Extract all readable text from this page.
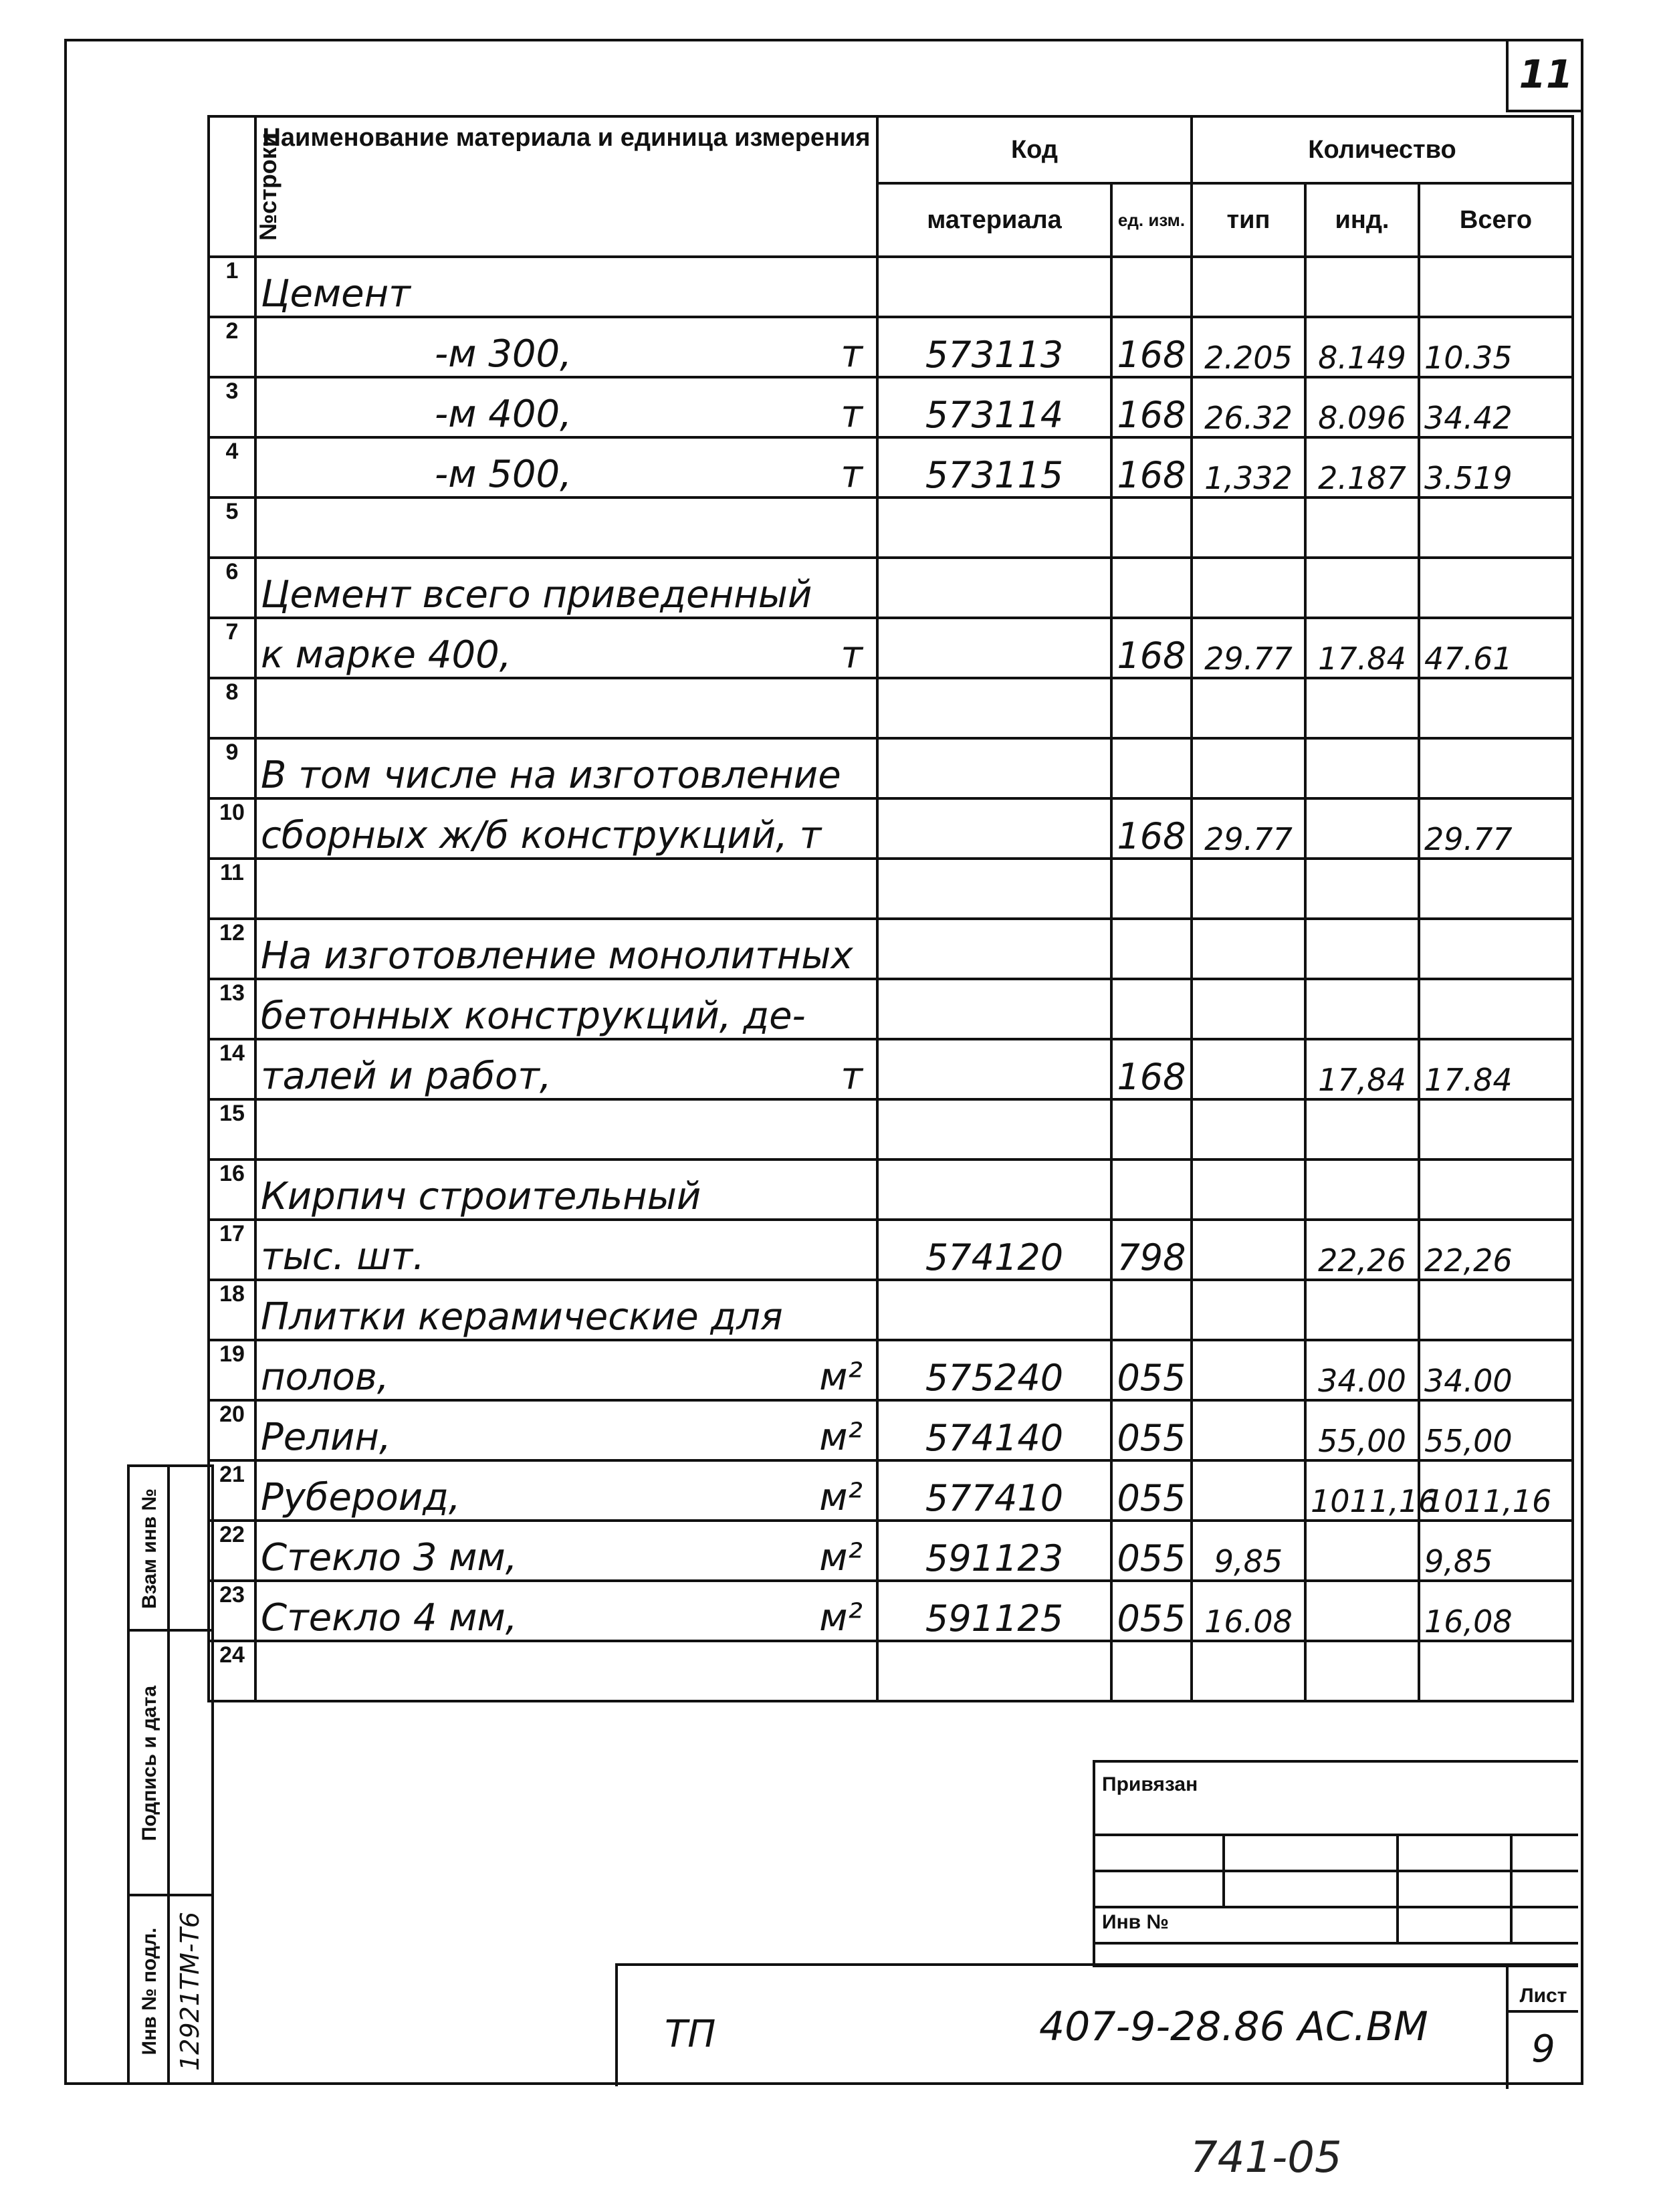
11
№строки	Наименование материала и единица измерения	Код		Количество		
		материала	ед. изм.	тип	инд.	Всего
1	Цемент

2	-м 300, т	573113	168	2.205	8.149	10.35
3	-м 400, т	573114	168	26.32	8.096	34.42
4	-м 500, т	573115	168	1,332	2.187	3.519
5	

6	Цемент всего приведенный

7	к марке 400, т		168	29.77	17.84	47.61
8	

9	В том числе на изготовление

10	сборных ж/б конструкций, т		168	29.77		29.77
11	

12	На изготовление монолитных

13	бетонных конструкций, де-

14	талей и работ, т		168		17,84	17.84
15	

16	Кирпич строительный

17	тыс. шт.	574120	798		22,26	22,26
18	Плитки керамические для

19	полов, м²	575240	055		34.00	34.00
20	Релин, м²	574140	055		55,00	55,00
21	Рубероид, м²	577410	055		1011,16	1011,16
22	Стекло 3 мм, м²	591123	055	9,85		9,85
23	Стекло 4 мм, м²	591125	055	16.08		16,08
24	

Взам инв №
Подпись и дата
Инв № подл. 12921ТМ-Т6
Привязан
Инв №
ТП	407-9-28.86 АС.ВМ
Лист
9
741-05
